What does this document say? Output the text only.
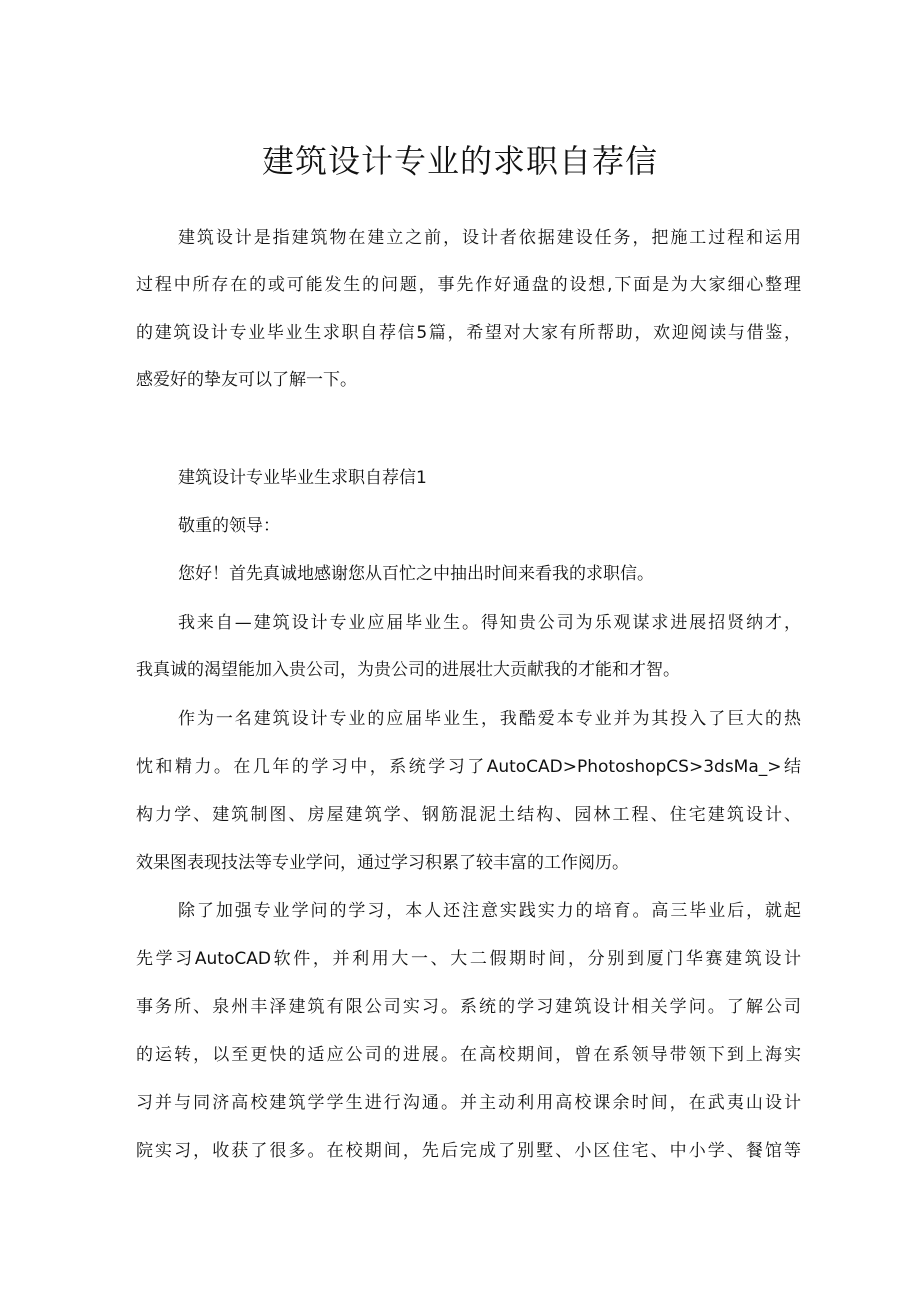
建筑设计专业的求职自荐信
建筑设计是指建筑物在建立之前，设计者依据建设任务，把施工过程和运用
过程中所存在的或可能发生的问题，事先作好通盘的设想,下面是为大家细心整理
的建筑设计专业毕业生求职自荐信5篇，希望对大家有所帮助，欢迎阅读与借鉴，
感爱好的挚友可以了解一下。
建筑设计专业毕业生求职自荐信1
敬重的领导：
您好！首先真诚地感谢您从百忙之中抽出时间来看我的求职信。
我来自—建筑设计专业应届毕业生。得知贵公司为乐观谋求进展招贤纳才，
我真诚的渴望能加入贵公司，为贵公司的进展壮大贡献我的才能和才智。
作为一名建筑设计专业的应届毕业生，我酷爱本专业并为其投入了巨大的热
忱和精力。在几年的学习中，系统学习了AutoCAD>PhotoshopCS>3dsMa_>结
构力学、建筑制图、房屋建筑学、钢筋混泥土结构、园林工程、住宅建筑设计、
效果图表现技法等专业学问，通过学习积累了较丰富的工作阅历。
除了加强专业学问的学习，本人还注意实践实力的培育。高三毕业后，就起
先学习AutoCAD软件，并利用大一、大二假期时间，分别到厦门华赛建筑设计
事务所、泉州丰泽建筑有限公司实习。系统的学习建筑设计相关学问。了解公司
的运转，以至更快的适应公司的进展。在高校期间，曾在系领导带领下到上海实
习并与同济高校建筑学学生进行沟通。并主动利用高校课余时间，在武夷山设计
院实习，收获了很多。在校期间，先后完成了别墅、小区住宅、中小学、餐馆等
